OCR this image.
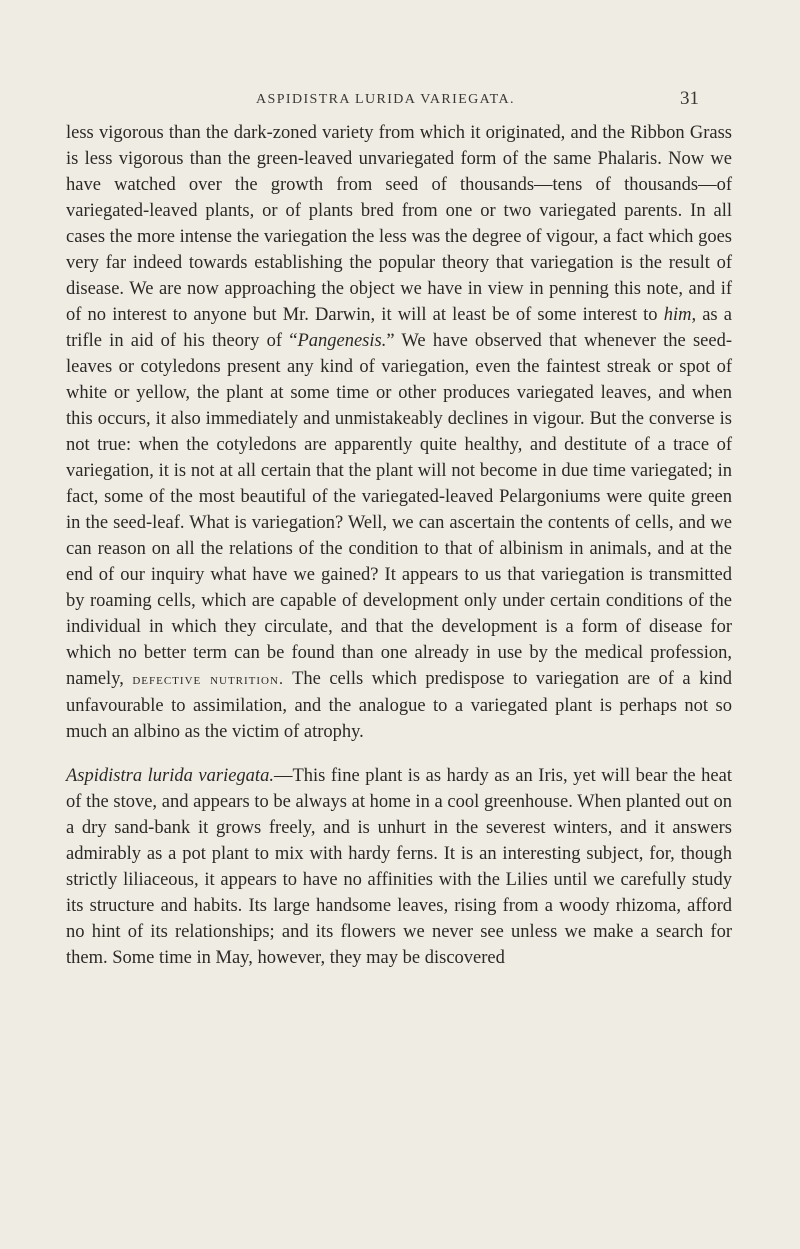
ASPIDISTRA LURIDA VARIEGATA.	31

less vigorous than the dark-zoned variety from which it originated, and the Ribbon Grass is less vigorous than the green-leaved unvariegated form of the same Phalaris. Now we have watched over the growth from seed of thousands—tens of thousands—of variegated-leaved plants, or of plants bred from one or two variegated parents. In all cases the more intense the variegation the less was the degree of vigour, a fact which goes very far indeed towards establishing the popular theory that variegation is the result of disease. We are now approaching the object we have in view in penning this note, and if of no interest to anyone but Mr. Darwin, it will at least be of some interest to him, as a trifle in aid of his theory of “Pangenesis.” We have observed that whenever the seed-leaves or cotyledons present any kind of variegation, even the faintest streak or spot of white or yellow, the plant at some time or other produces variegated leaves, and when this occurs, it also immediately and unmistakeably declines in vigour. But the converse is not true: when the cotyledons are apparently quite healthy, and destitute of a trace of variegation, it is not at all certain that the plant will not become in due time variegated; in fact, some of the most beautiful of the variegated-leaved Pelargoniums were quite green in the seed-leaf. What is variegation? Well, we can ascertain the contents of cells, and we can reason on all the relations of the condition to that of albinism in animals, and at the end of our inquiry what have we gained? It appears to us that variegation is transmitted by roaming cells, which are capable of development only under certain conditions of the individual in which they circulate, and that the development is a form of disease for which no better term can be found than one already in use by the medical profession, namely, defective nutrition. The cells which predispose to variegation are of a kind unfavourable to assimilation, and the analogue to a variegated plant is perhaps not so much an albino as the victim of atrophy.

Aspidistra lurida variegata.—This fine plant is as hardy as an Iris, yet will bear the heat of the stove, and appears to be always at home in a cool greenhouse. When planted out on a dry sand-bank it grows freely, and is unhurt in the severest winters, and it answers admirably as a pot plant to mix with hardy ferns. It is an interesting subject, for, though strictly liliaceous, it appears to have no affinities with the Lilies until we carefully study its structure and habits. Its large handsome leaves, rising from a woody rhizoma, afford no hint of its relationships; and its flowers we never see unless we make a search for them. Some time in May, however, they may be discovered
